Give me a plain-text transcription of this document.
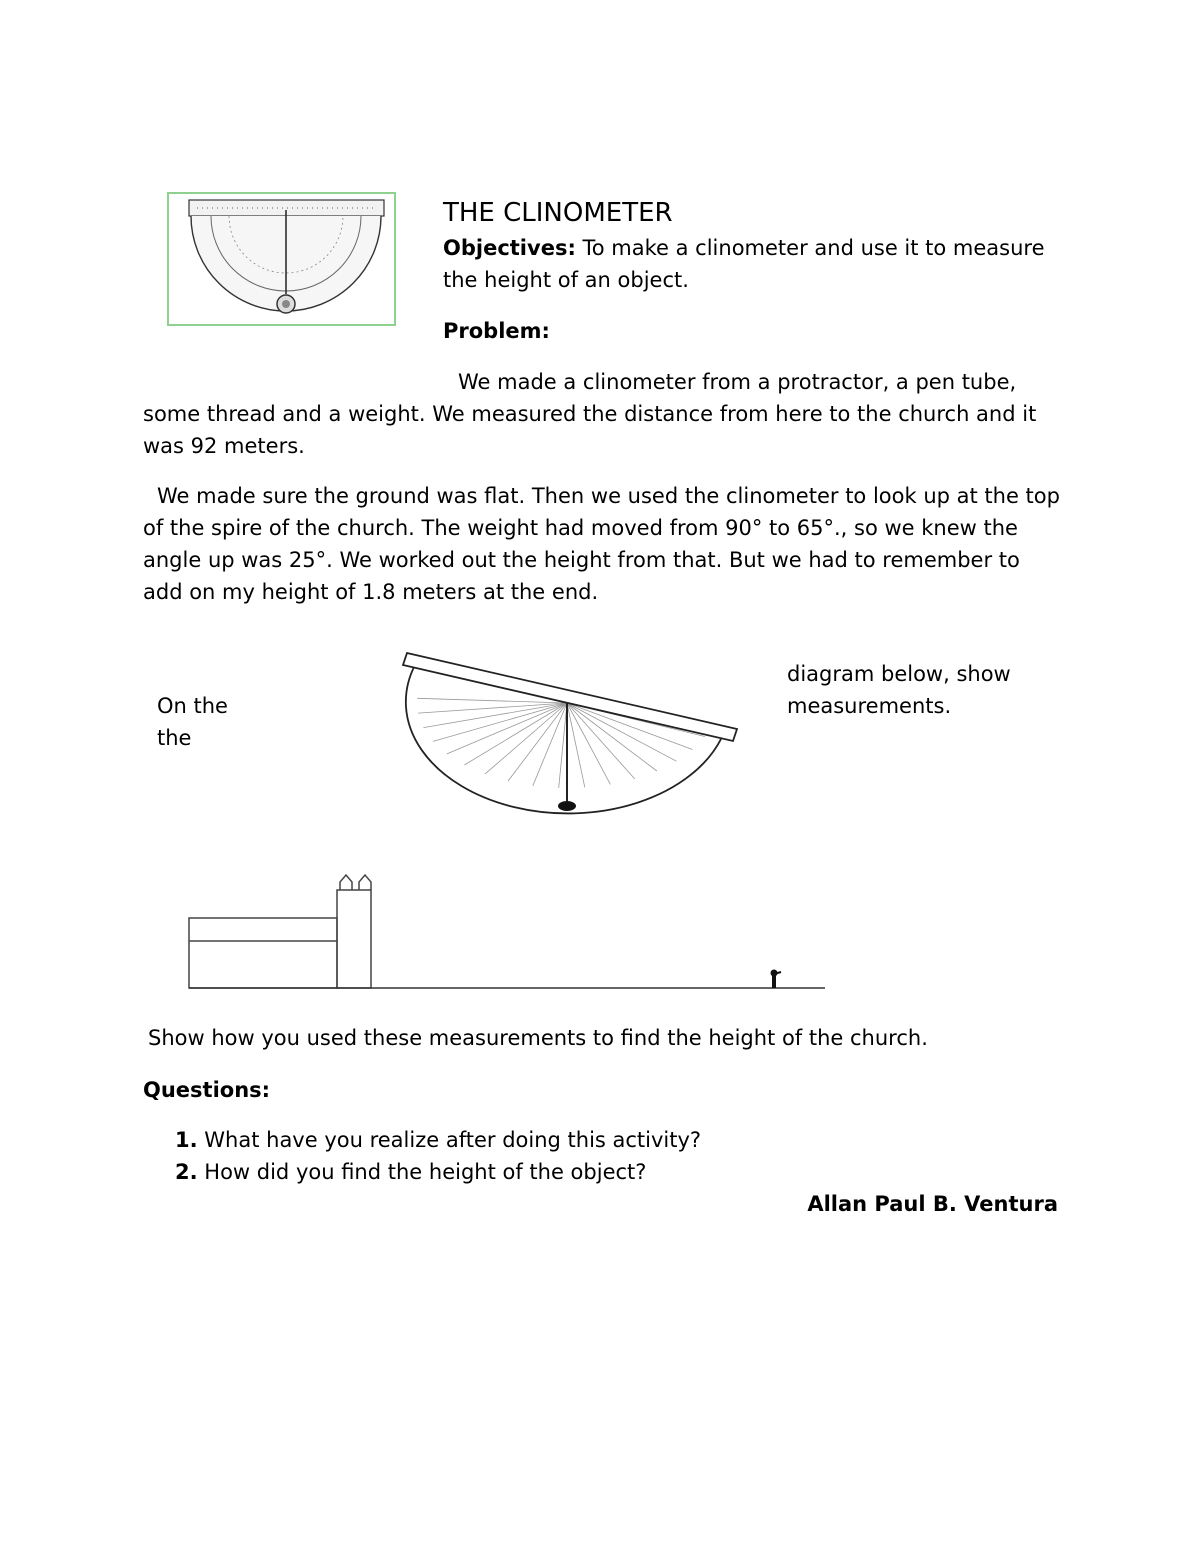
THE CLINOMETER

Objectives: To make a clinometer and use it to measure the height of an object.

Problem:

We made a clinometer from a protractor, a pen tube, some thread and a weight. We measured the distance from here to the church and it was 92 meters.

We made sure the ground was flat. Then we used the clinometer to look up at the top of the spire of the church. The weight had moved from 90° to 65°., so we knew the angle up was 25°. We worked out the height from that. But we had to remember to add on my height of 1.8 meters at the end.

On the the

diagram below, show measurements.
Show how you used these measurements to find the height of the church.
Questions:
1. What have you realize after doing this activity?
2. How did you find the height of the object?
Allan Paul B. Ventura
